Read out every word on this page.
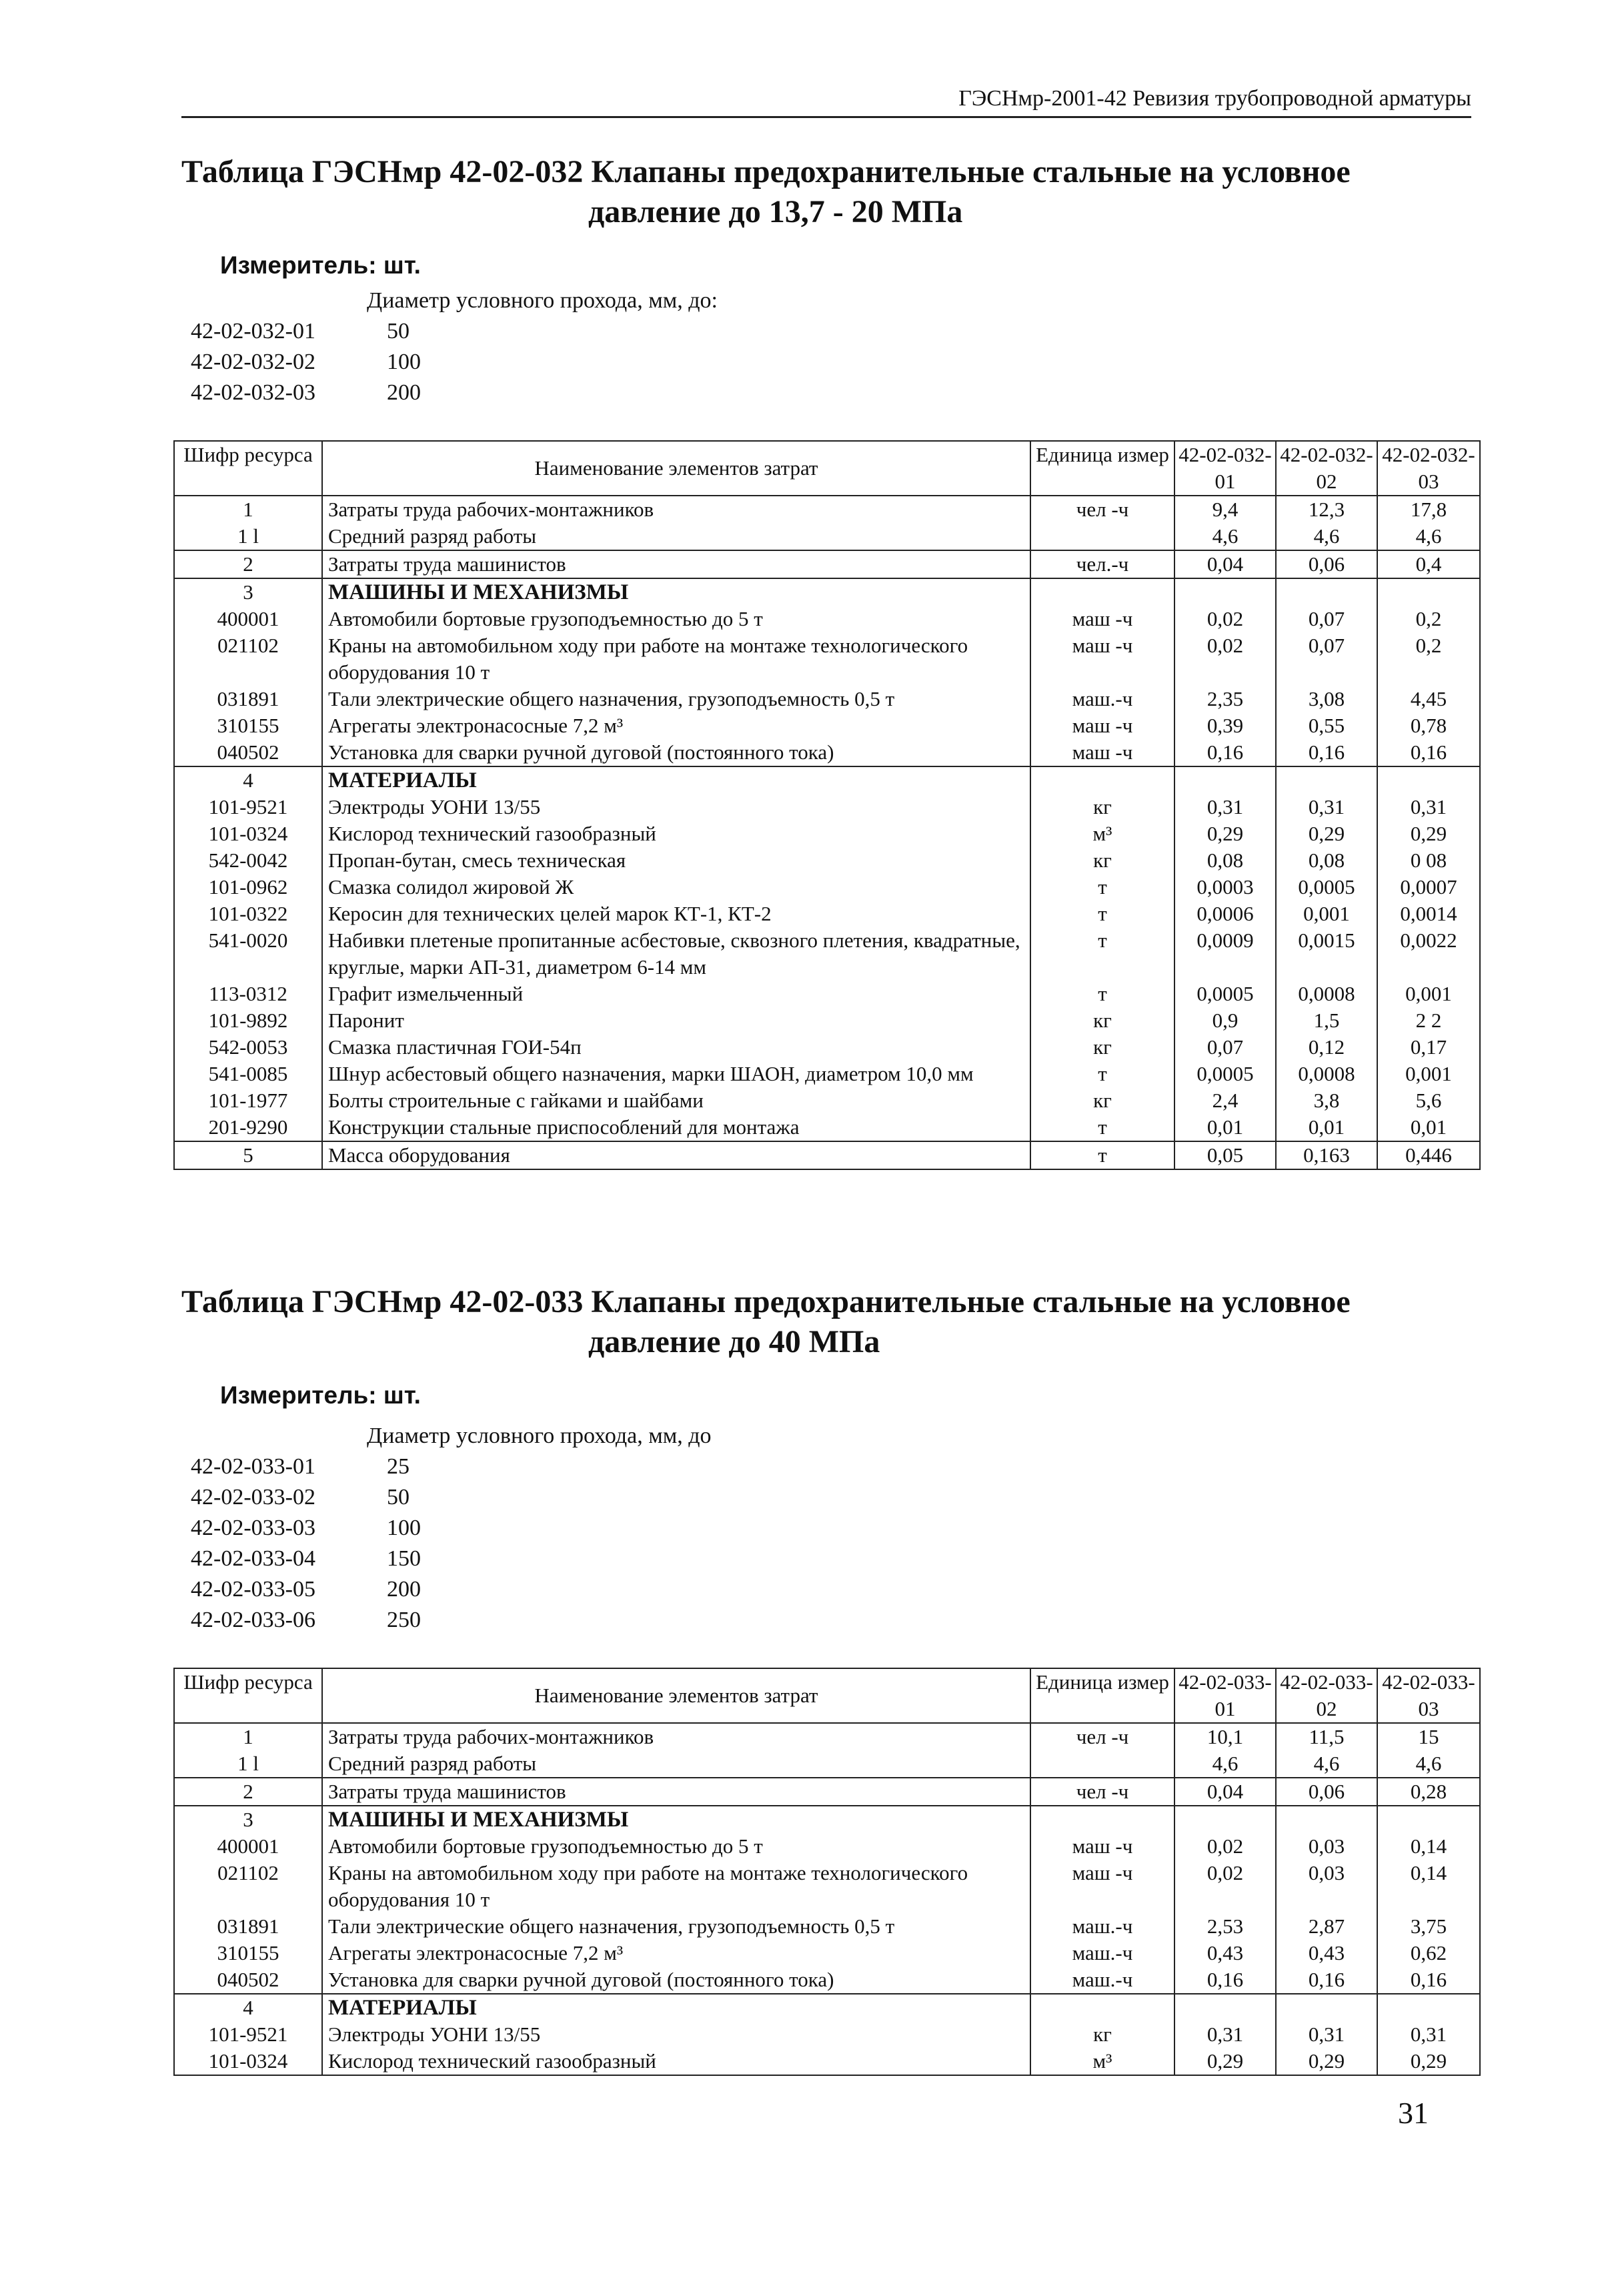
ГЭСНмр-2001-42 Ревизия трубопроводной арматуры
Таблица ГЭСНмр 42-02-032 Клапаны предохранительные стальные на условное
давление до 13,7 - 20 МПа
Измеритель: шт.
Диаметр условного прохода, мм, до:
42-02-032-01	50
42-02-032-02	100
42-02-032-03	200
Шифр ресурса	Наименование элементов затрат	Единица измер	42-02-032-01	42-02-032-02	42-02-032-03
1	Затраты труда рабочих-монтажников	чел -ч	9,4	12,3	17,8
1 l	Средний разряд работы		4,6	4,6	4,6
2	Затраты труда машинистов	чел.-ч	0,04	0,06	0,4
3	МАШИНЫ И МЕХАНИЗМЫ				
400001	Автомобили бортовые грузоподъемностью до 5 т	маш -ч	0,02	0,07	0,2
021102	Краны на автомобильном ходу при работе на монтаже технологического оборудования 10 т	маш -ч	0,02	0,07	0,2
031891	Тали электрические общего назначения, грузоподъемность 0,5 т	маш.-ч	2,35	3,08	4,45
310155	Агрегаты электронасосные 7,2 м³	маш -ч	0,39	0,55	0,78
040502	Установка для сварки ручной дуговой (постоянного тока)	маш -ч	0,16	0,16	0,16
4	МАТЕРИАЛЫ				
101-9521	Электроды УОНИ 13/55	кг	0,31	0,31	0,31
101-0324	Кислород технический газообразный	м³	0,29	0,29	0,29
542-0042	Пропан-бутан, смесь техническая	кг	0,08	0,08	0 08
101-0962	Смазка солидол жировой Ж	т	0,0003	0,0005	0,0007
101-0322	Керосин для технических целей марок КТ-1, КТ-2	т	0,0006	0,001	0,0014
541-0020	Набивки плетеные пропитанные асбестовые, сквозного плетения, квадратные, круглые, марки АП-31, диаметром 6-14 мм	т	0,0009	0,0015	0,0022
113-0312	Графит измельченный	т	0,0005	0,0008	0,001
101-9892	Паронит	кг	0,9	1,5	2 2
542-0053	Смазка пластичная ГОИ-54п	кг	0,07	0,12	0,17
541-0085	Шнур асбестовый общего назначения, марки ШАОН, диаметром 10,0 мм	т	0,0005	0,0008	0,001
101-1977	Болты строительные с гайками и шайбами	кг	2,4	3,8	5,6
201-9290	Конструкции стальные приспособлений для монтажа	т	0,01	0,01	0,01
5	Масса оборудования	т	0,05	0,163	0,446
Таблица ГЭСНмр 42-02-033 Клапаны предохранительные стальные на условное
давление до 40 МПа
Измеритель: шт.
Диаметр условного прохода, мм, до
42-02-033-01	25
42-02-033-02	50
42-02-033-03	100
42-02-033-04	150
42-02-033-05	200
42-02-033-06	250
Шифр ресурса	Наименование элементов затрат	Единица измер	42-02-033-01	42-02-033-02	42-02-033-03
1	Затраты труда рабочих-монтажников	чел -ч	10,1	11,5	15
1 l	Средний разряд работы		4,6	4,6	4,6
2	Затраты труда машинистов	чел -ч	0,04	0,06	0,28
3	МАШИНЫ И МЕХАНИЗМЫ				
400001	Автомобили бортовые грузоподъемностью до 5 т	маш -ч	0,02	0,03	0,14
021102	Краны на автомобильном ходу при работе на монтаже технологического оборудования 10 т	маш -ч	0,02	0,03	0,14
031891	Тали электрические общего назначения, грузоподъемность 0,5 т	маш.-ч	2,53	2,87	3,75
310155	Агрегаты электронасосные 7,2 м³	маш.-ч	0,43	0,43	0,62
040502	Установка для сварки ручной дуговой (постоянного тока)	маш.-ч	0,16	0,16	0,16
4	МАТЕРИАЛЫ				
101-9521	Электроды УОНИ 13/55	кг	0,31	0,31	0,31
101-0324	Кислород технический газообразный	м³	0,29	0,29	0,29
31
